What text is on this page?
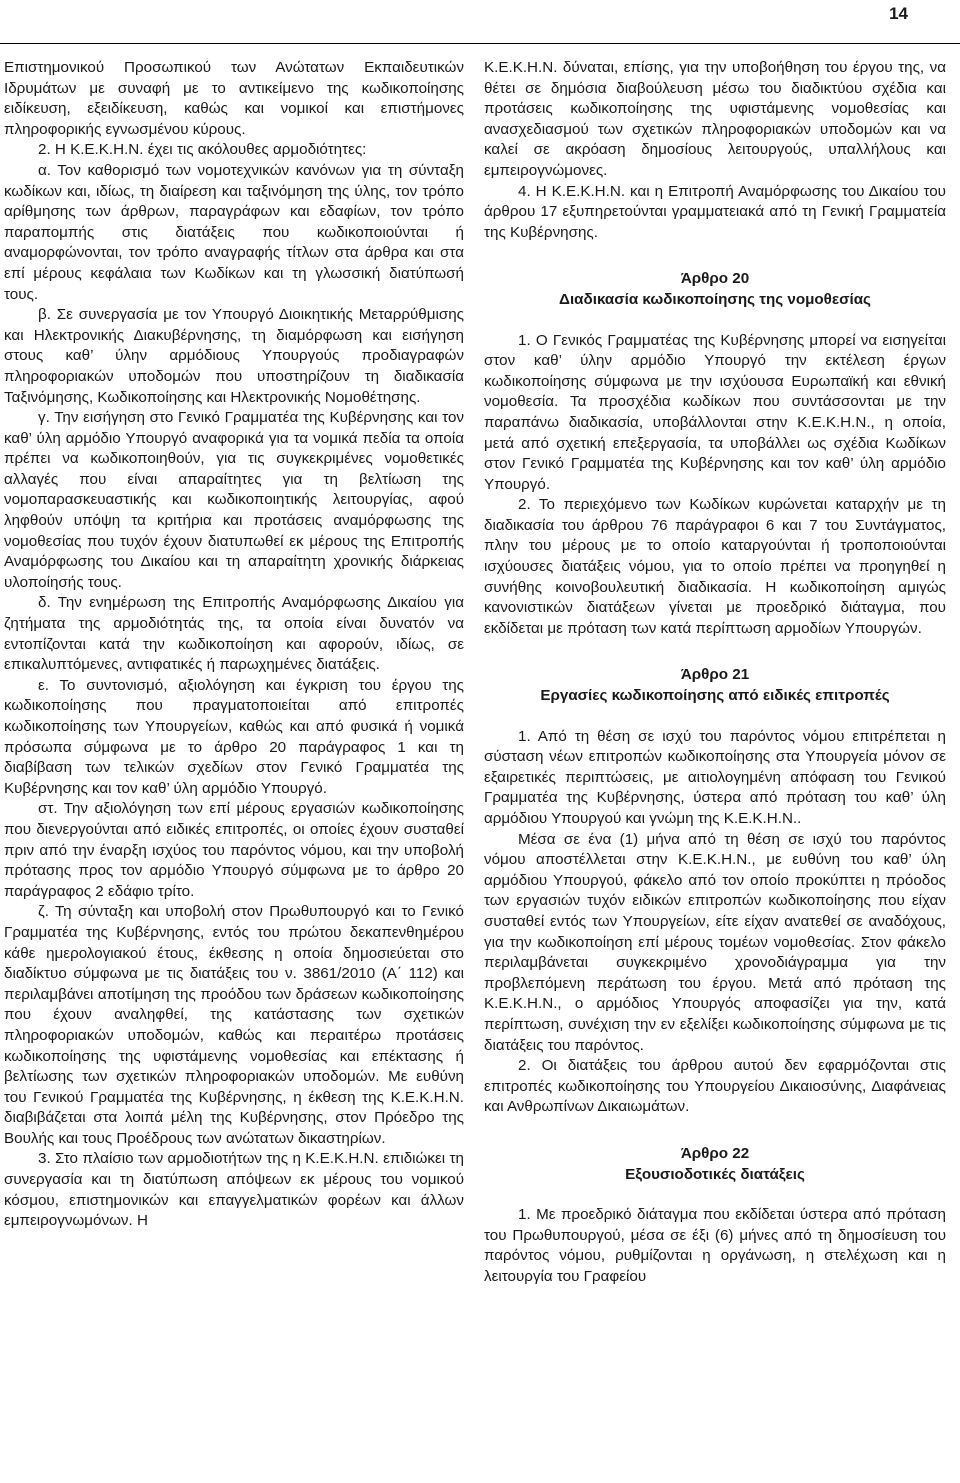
14

Επιστημονικού Προσωπικού των Ανώτατων Εκπαιδευτικών Ιδρυμάτων με συναφή με το αντικείμενο της κωδικοποίησης ειδίκευση, εξειδίκευση, καθώς και νομικοί και επιστήμονες πληροφορικής εγνωσμένου κύρους.

2. Η Κ.Ε.Κ.Η.Ν. έχει τις ακόλουθες αρμοδιότητες:

α. Τον καθορισμό των νομοτεχνικών κανόνων για τη σύνταξη κωδίκων και, ιδίως, τη διαίρεση και ταξινόμηση της ύλης, τον τρόπο αρίθμησης των άρθρων, παραγράφων και εδαφίων, τον τρόπο παραπομπής στις διατάξεις που κωδικοποιούνται ή αναμορφώνονται, τον τρόπο αναγραφής τίτλων στα άρθρα και στα επί μέρους κεφάλαια των Κωδίκων και τη γλωσσική διατύπωσή τους.

β. Σε συνεργασία με τον Υπουργό Διοικητικής Μεταρρύθμισης και Ηλεκτρονικής Διακυβέρνησης, τη διαμόρφωση και εισήγηση στους καθ’ ύλην αρμόδιους Υπουργούς προδιαγραφών πληροφοριακών υποδομών που υποστηρίζουν τη διαδικασία Ταξινόμησης, Κωδικοποίησης και Ηλεκτρονικής Νομοθέτησης.

γ. Την εισήγηση στο Γενικό Γραμματέα της Κυβέρνησης και τον καθ’ ύλη αρμόδιο Υπουργό αναφορικά για τα νομικά πεδία τα οποία πρέπει να κωδικοποιηθούν, για τις συγκεκριμένες νομοθετικές αλλαγές που είναι απαραίτητες για τη βελτίωση της νομοπαρασκευαστικής και κωδικοποιητικής λειτουργίας, αφού ληφθούν υπόψη τα κριτήρια και προτάσεις αναμόρφωσης της νομοθεσίας που τυχόν έχουν διατυπωθεί εκ μέρους της Επιτροπής Αναμόρφωσης του Δικαίου και τη απαραίτητη χρονικής διάρκειας υλοποίησής τους.

δ. Την ενημέρωση της Επιτροπής Αναμόρφωσης Δικαίου για ζητήματα της αρμοδιότητάς της, τα οποία είναι δυνατόν να εντοπίζονται κατά την κωδικοποίηση και αφορούν, ιδίως, σε επικαλυπτόμενες, αντιφατικές ή παρωχημένες διατάξεις.

ε. Το συντονισμό, αξιολόγηση και έγκριση του έργου της κωδικοποίησης που πραγματοποιείται από επιτροπές κωδικοποίησης των Υπουργείων, καθώς και από φυσικά ή νομικά πρόσωπα σύμφωνα με το άρθρο 20 παράγραφος 1 και τη διαβίβαση των τελικών σχεδίων στον Γενικό Γραμματέα της Κυβέρνησης και τον καθ’ ύλη αρμόδιο Υπουργό.

στ. Την αξιολόγηση των επί μέρους εργασιών κωδικοποίησης που διενεργούνται από ειδικές επιτροπές, οι οποίες έχουν συσταθεί πριν από την έναρξη ισχύος του παρόντος νόμου, και την υποβολή πρότασης προς τον αρμόδιο Υπουργό σύμφωνα με το άρθρο 20 παράγραφος 2 εδάφιο τρίτο.

ζ. Τη σύνταξη και υποβολή στον Πρωθυπουργό και το Γενικό Γραμματέα της Κυβέρνησης, εντός του πρώτου δεκαπενθημέρου κάθε ημερολογιακού έτους, έκθεσης η οποία δημοσιεύεται στο διαδίκτυο σύμφωνα με τις διατάξεις του ν. 3861/2010 (Α΄ 112) και περιλαμβάνει αποτίμηση της προόδου των δράσεων κωδικοποίησης που έχουν αναληφθεί, της κατάστασης των σχετικών πληροφοριακών υποδομών, καθώς και περαιτέρω προτάσεις κωδικοποίησης της υφιστάμενης νομοθεσίας και επέκτασης ή βελτίωσης των σχετικών πληροφοριακών υποδομών. Με ευθύνη του Γενικού Γραμματέα της Κυβέρνησης, η έκθεση της Κ.Ε.Κ.Η.Ν. διαβιβάζεται στα λοιπά μέλη της Κυβέρνησης, στον Πρόεδρο της Βουλής και τους Προέδρους των ανώτατων δικαστηρίων.

3. Στο πλαίσιο των αρμοδιοτήτων της η Κ.Ε.Κ.Η.Ν. επιδιώκει τη συνεργασία και τη διατύπωση απόψεων εκ μέρους του νομικού κόσμου, επιστημονικών και επαγγελματικών φορέων και άλλων εμπειρογνωμόνων. Η

Κ.Ε.Κ.Η.Ν. δύναται, επίσης, για την υποβοήθηση του έργου της, να θέτει σε δημόσια διαβούλευση μέσω του διαδικτύου σχέδια και προτάσεις κωδικοποίησης της υφιστάμενης νομοθεσίας και ανασχεδιασμού των σχετικών πληροφοριακών υποδομών και να καλεί σε ακρόαση δημοσίους λειτουργούς, υπαλλήλους και εμπειρογνώμονες.

4. Η Κ.Ε.Κ.Η.Ν. και η Επιτροπή Αναμόρφωσης του Δικαίου του άρθρου 17 εξυπηρετούνται γραμματειακά από τη Γενική Γραμματεία της Κυβέρνησης.

Άρθρο 20
Διαδικασία κωδικοποίησης της νομοθεσίας

1. Ο Γενικός Γραμματέας της Κυβέρνησης μπορεί να εισηγείται στον καθ’ ύλην αρμόδιο Υπουργό την εκτέλεση έργων κωδικοποίησης σύμφωνα με την ισχύουσα Ευρωπαϊκή και εθνική νομοθεσία. Τα προσχέδια κωδίκων που συντάσσονται με την παραπάνω διαδικασία, υποβάλλονται στην Κ.Ε.Κ.Η.Ν., η οποία, μετά από σχετική επεξεργασία, τα υποβάλλει ως σχέδια Κωδίκων στον Γενικό Γραμματέα της Κυβέρνησης και τον καθ’ ύλη αρμόδιο Υπουργό.

2. Το περιεχόμενο των Κωδίκων κυρώνεται καταρχήν με τη διαδικασία του άρθρου 76 παράγραφοι 6 και 7 του Συντάγματος, πλην του μέρους με το οποίο καταργούνται ή τροποποιούνται ισχύουσες διατάξεις νόμου, για το οποίο πρέπει να προηγηθεί η συνήθης κοινοβουλευτική διαδικασία. Η κωδικοποίηση αμιγώς κανονιστικών διατάξεων γίνεται με προεδρικό διάταγμα, που εκδίδεται με πρόταση των κατά περίπτωση αρμοδίων Υπουργών.

Άρθρο 21
Εργασίες κωδικοποίησης από ειδικές επιτροπές

1. Από τη θέση σε ισχύ του παρόντος νόμου επιτρέπεται η σύσταση νέων επιτροπών κωδικοποίησης στα Υπουργεία μόνον σε εξαιρετικές περιπτώσεις, με αιτιολογημένη απόφαση του Γενικού Γραμματέα της Κυβέρνησης, ύστερα από πρόταση του καθ’ ύλη αρμόδιου Υπουργού και γνώμη της Κ.Ε.Κ.Η.Ν..

Μέσα σε ένα (1) μήνα από τη θέση σε ισχύ του παρόντος νόμου αποστέλλεται στην Κ.Ε.Κ.Η.Ν., με ευθύνη του καθ’ ύλη αρμόδιου Υπουργού, φάκελο από τον οποίο προκύπτει η πρόοδος των εργασιών τυχόν ειδικών επιτροπών κωδικοποίησης που είχαν συσταθεί εντός των Υπουργείων, είτε είχαν ανατεθεί σε αναδόχους, για την κωδικοποίηση επί μέρους τομέων νομοθεσίας. Στον φάκελο περιλαμβάνεται συγκεκριμένο χρονοδιάγραμμα για την προβλεπόμενη περάτωση του έργου. Μετά από πρόταση της Κ.Ε.Κ.Η.Ν., ο αρμόδιος Υπουργός αποφασίζει για την, κατά περίπτωση, συνέχιση την εν εξελίξει κωδικοποίησης σύμφωνα με τις διατάξεις του παρόντος.

2. Οι διατάξεις του άρθρου αυτού δεν εφαρμόζονται στις επιτροπές κωδικοποίησης του Υπουργείου Δικαιοσύνης, Διαφάνειας και Ανθρωπίνων Δικαιωμάτων.

Άρθρο 22
Εξουσιοδοτικές διατάξεις

1. Με προεδρικό διάταγμα που εκδίδεται ύστερα από πρόταση του Πρωθυπουργού, μέσα σε έξι (6) μήνες από τη δημοσίευση του παρόντος νόμου, ρυθμίζονται η οργάνωση, η στελέχωση και η λειτουργία του Γραφείου
